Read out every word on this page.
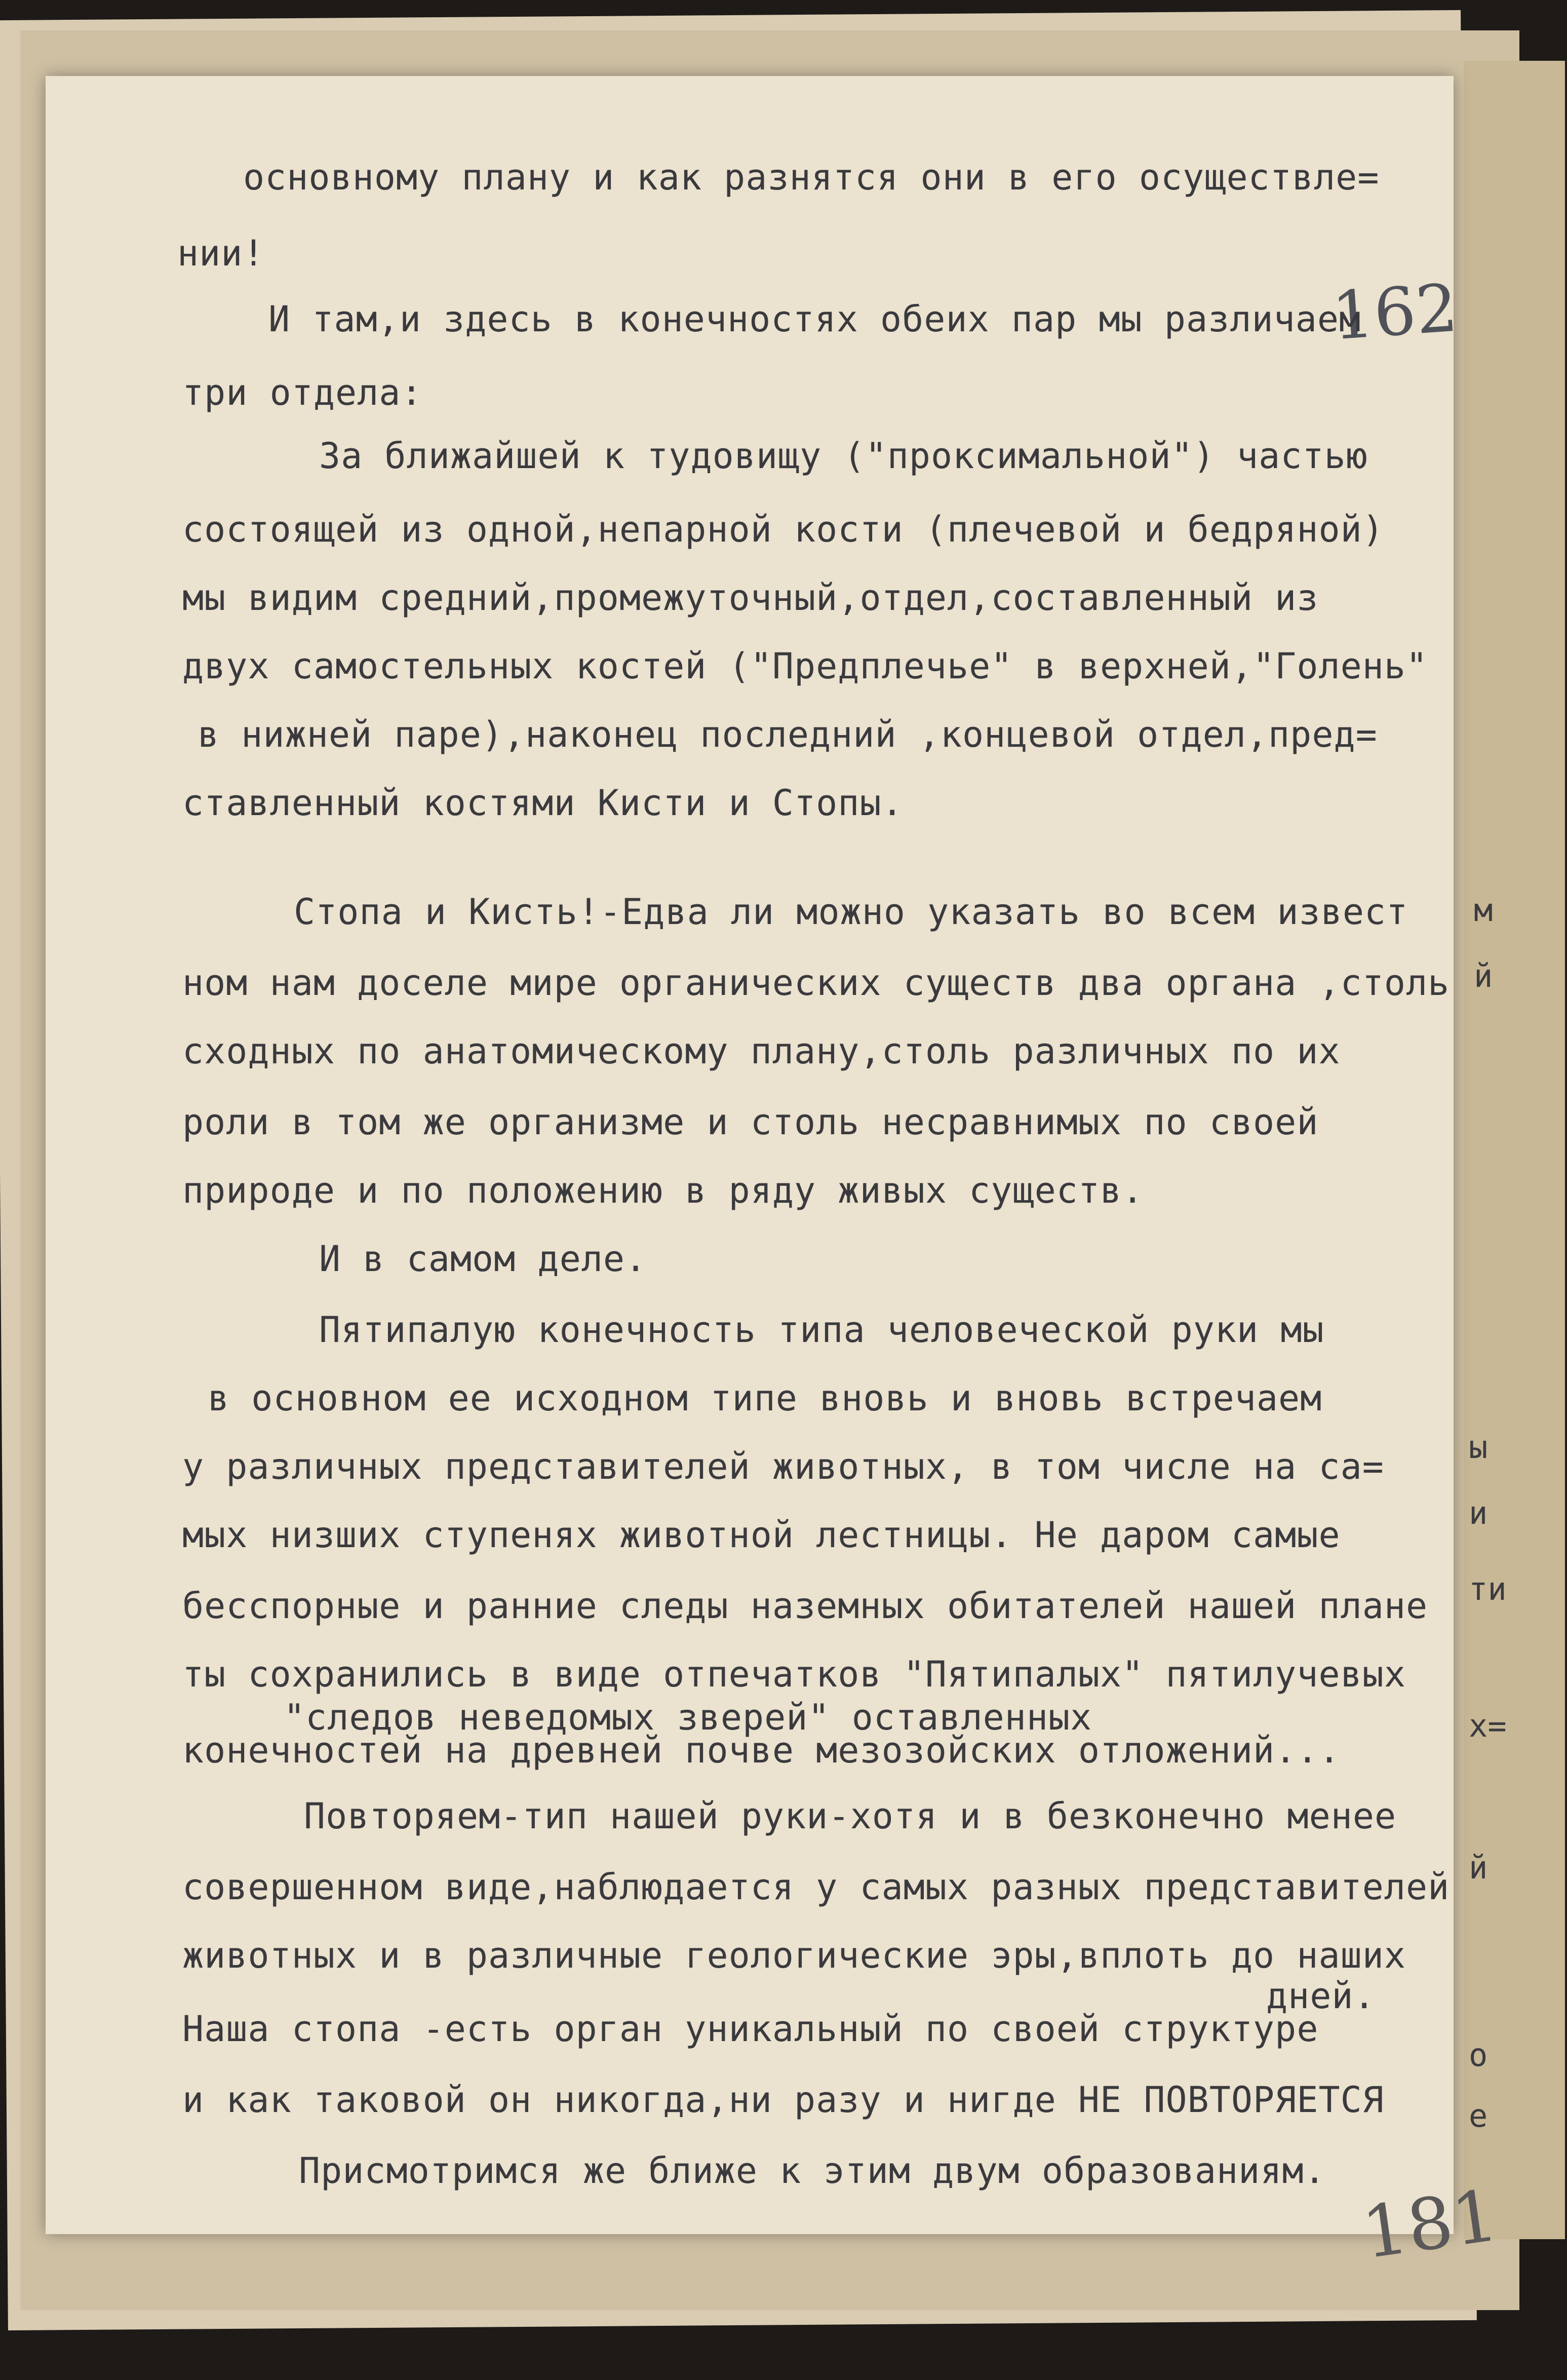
м
й
ы
и
ти
х=
й
о
е
162
основному плану и как разнятся они в его осуществле=
нии!
И там,и здесь в конечностях обеих пар мы различаем
три отдела:
За ближайшей к тудовищу ("проксимальной") частью
состоящей из одной,непарной кости (плечевой и бедряной)
мы видим средний,промежуточный,отдел,составленный из
двух самостельных костей ("Предплечье" в верхней,"Голень"
в нижней паре),наконец последний ,концевой отдел,пред=
ставленный костями Кисти и Стопы.
Стопа и Кисть!-Едва ли можно указать во всем извест
ном нам доселе мире органических существ два органа ,столь
сходных по анатомическому плану,столь различных по их
роли в том же организме и столь несравнимых по своей
природе и по положению в ряду живых существ.
И в самом деле.
Пятипалую конечность типа человеческой руки мы
в основном ее исходном типе вновь и вновь встречаем
у различных представителей животных, в том числе на са=
мых низших ступенях животной лестницы. Не даром самые
бесспорные и ранние следы наземных обитателей нашей плане
ты сохранились в виде отпечатков "Пятипалых" пятилучевых
"следов неведомых зверей" оставленных
конечностей на древней почве мезозойских отложений...
Повторяем-тип нашей руки-хотя и в безконечно менее
совершенном виде,наблюдается у самых разных представителей
животных и в различные геологические эры,вплоть до наших
дней.
Наша стопа -есть орган уникальный по своей структуре
и как таковой он никогда,ни разу и нигде НЕ ПОВТОРЯЕТСЯ
Присмотримся же ближе к этим двум образованиям.
181
